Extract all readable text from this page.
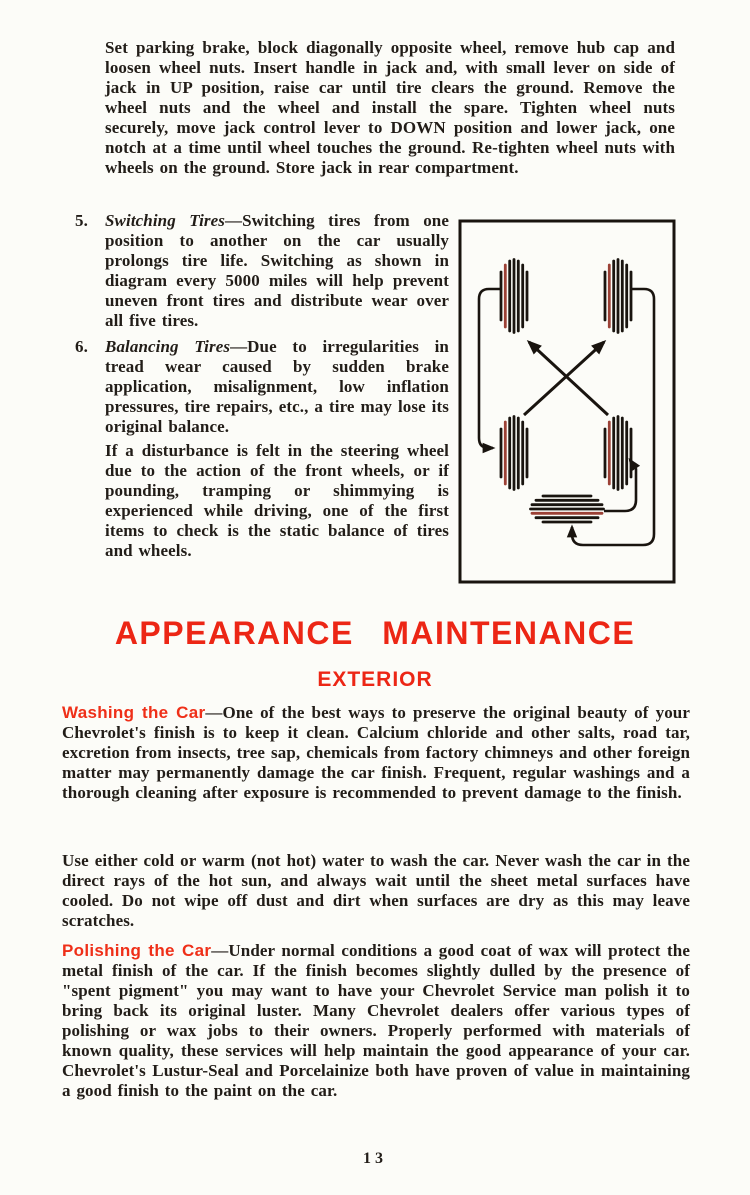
Set parking brake, block diagonally opposite wheel, remove hub cap and loosen wheel nuts. Insert handle in jack and, with small lever on side of jack in UP position, raise car until tire clears the ground. Remove the wheel nuts and the wheel and install the spare. Tighten wheel nuts securely, move jack control lever to DOWN position and lower jack, one notch at a time until wheel touches the ground. Re-tighten wheel nuts with wheels on the ground. Store jack in rear compartment.

5.	Switching Tires—Switching tires from one position to another on the car usually prolongs tire life. Switching as shown in diagram every 5000 miles will help prevent uneven front tires and distribute wear over all five tires.

6.	Balancing Tires—Due to irregularities in tread wear caused by sudden brake application, misalignment, low inflation pressures, tire repairs, etc., a tire may lose its original balance.

If a disturbance is felt in the steering wheel due to the action of the front wheels, or if pounding, tramping or shimmying is experienced while driving, one of the first items to check is the static balance of tires and wheels.

APPEARANCE MAINTENANCE
EXTERIOR

Washing the Car—One of the best ways to preserve the original beauty of your Chevrolet's finish is to keep it clean. Calcium chloride and other salts, road tar, excretion from insects, tree sap, chemicals from factory chimneys and other foreign matter may permanently damage the car finish. Frequent, regular washings and a thorough cleaning after exposure is recommended to prevent damage to the finish.

Use either cold or warm (not hot) water to wash the car. Never wash the car in the direct rays of the hot sun, and always wait until the sheet metal surfaces have cooled. Do not wipe off dust and dirt when surfaces are dry as this may leave scratches.

Polishing the Car—Under normal conditions a good coat of wax will protect the metal finish of the car. If the finish becomes slightly dulled by the presence of "spent pigment" you may want to have your Chevrolet Service man polish it to bring back its original luster. Many Chevrolet dealers offer various types of polishing or wax jobs to their owners. Properly performed with materials of known quality, these services will help maintain the good appearance of your car. Chevrolet's Lustur-Seal and Porcelainize both have proven of value in maintaining a good finish to the paint on the car.

13
